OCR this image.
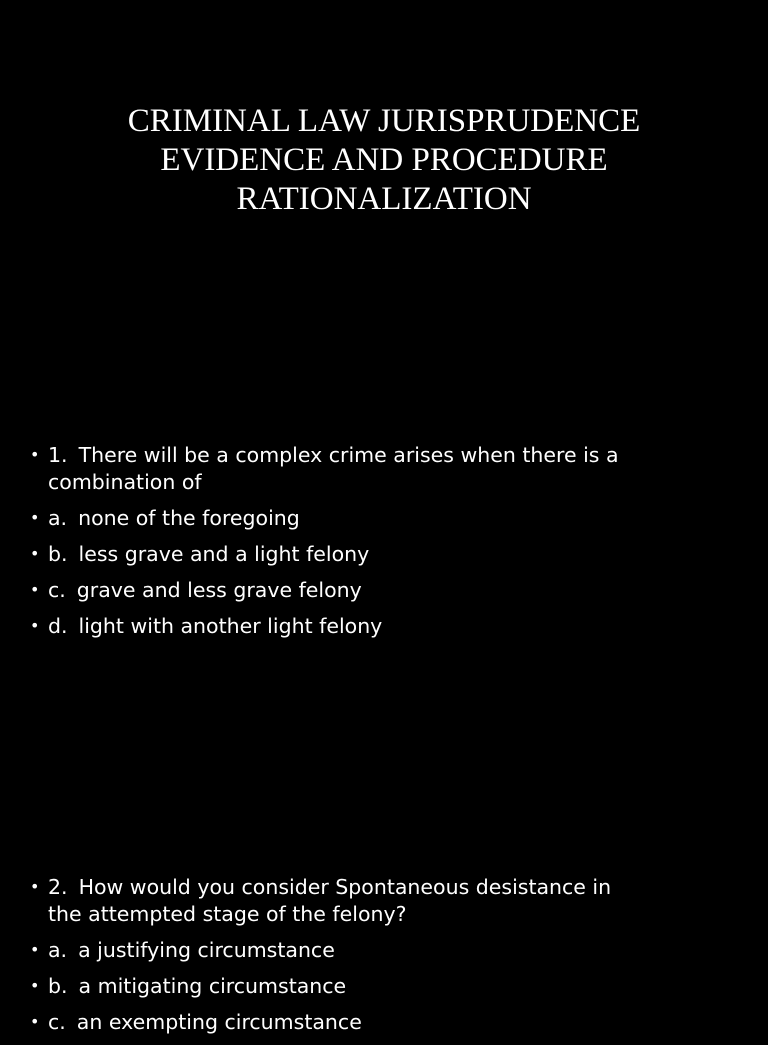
CRIMINAL LAW JURISPRUDENCE
EVIDENCE AND PROCEDURE
RATIONALIZATION
• 1. There will be a complex crime arises when there is a
combination of
• a. none of the foregoing
• b. less grave and a light felony
• c. grave and less grave felony
• d. light with another light felony
• 2. How would you consider Spontaneous desistance in
the attempted stage of the felony?
• a. a justifying circumstance
• b. a mitigating circumstance
• c. an exempting circumstance
